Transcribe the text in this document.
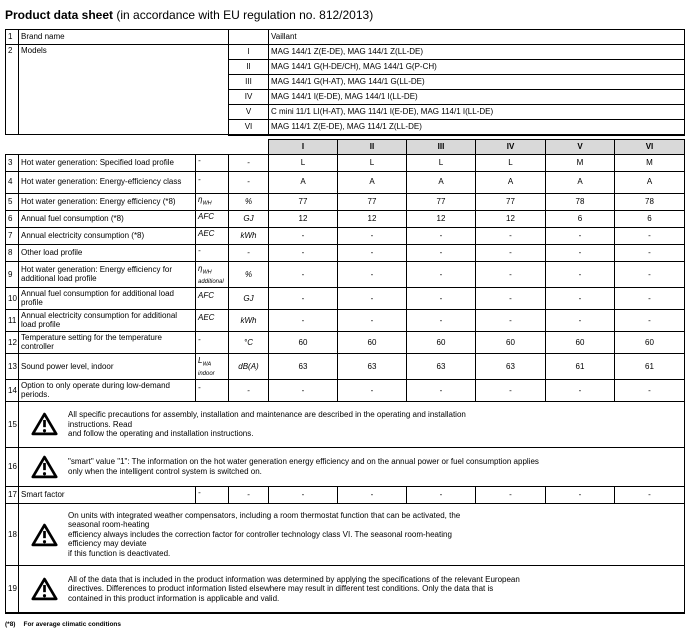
Product data sheet (in accordance with EU regulation no. 812/2013)
1	Brand name		Vaillant
2	Models	I	MAG 144/1 Z(E-DE), MAG 144/1 Z(LL-DE)
		II	MAG 144/1 G(H-DE/CH), MAG 144/1 G(P-CH)
		III	MAG 144/1 G(H-AT), MAG 144/1 G(LL-DE)
		IV	MAG 144/1 I(E-DE), MAG 144/1 I(LL-DE)
		V	C mini 11/1 LI(H-AT), MAG 114/1 I(E-DE), MAG 114/1 I(LL-DE)
		VI	MAG 114/1 Z(E-DE), MAG 114/1 Z(LL-DE)
				I	II	III	IV	V	VI
3	Hot water generation: Specified load profile	-	-	L	L	L	L	M	M
4	Hot water generation: Energy-efficiency class	-	-	A	A	A	A	A	A
5	Hot water generation: Energy efficiency (*8)	$\eta_{WH}$	%	77	77	77	77	78	78
6	Annual fuel consumption (*8)	AFC	GJ	12	12	12	12	6	6
7	Annual electricity consumption (*8)	AEC	kWh	-	-	-	-	-	-
8	Other load profile	-	-	-	-	-	-	-	-
9	Hot water generation: Energy efficiency for additional load profile	$\eta_{WH}$
additional	%	-	-	-	-	-	-
10	Annual fuel consumption for additional load profile	AFC	GJ	-	-	-	-	-	-
11	Annual electricity consumption for additional load profile	AEC	kWh	-	-	-	-	-	-
12	Temperature setting for the temperature controller	-	°C	60	60	60	60	60	60
13	Sound power level, indoor	$L_{WA}$
indoor	dB(A)	63	63	63	63	61	61
14	Option to only operate during low-demand periods.	-	-	-	-	-	-	-	-
15	All specific precautions for assembly, installation and maintenance are described in the operating and installation
instructions. Read
and follow the operating and installation instructions.								

16	"smart" value "1": The information on the hot water generation energy efficiency and on the annual power or fuel consumption applies
only when the intelligent control system is switched on.								

17	Smart factor	-	-	-	-	-	-	-	-
18	On units with integrated weather compensators, including a room thermostat function that can be activated, the
seasonal room-heating
efficiency always includes the correction factor for controller technology class VI. The seasonal room-heating
efficiency may deviate
if this function is deactivated.								

19	All of the data that is included in the product information was determined by applying the specifications of the relevant European
directives. Differences to product information listed elsewhere may result in different test conditions. Only the data that is
contained in this product information is applicable and valid.								
(*8) For average climatic conditions
